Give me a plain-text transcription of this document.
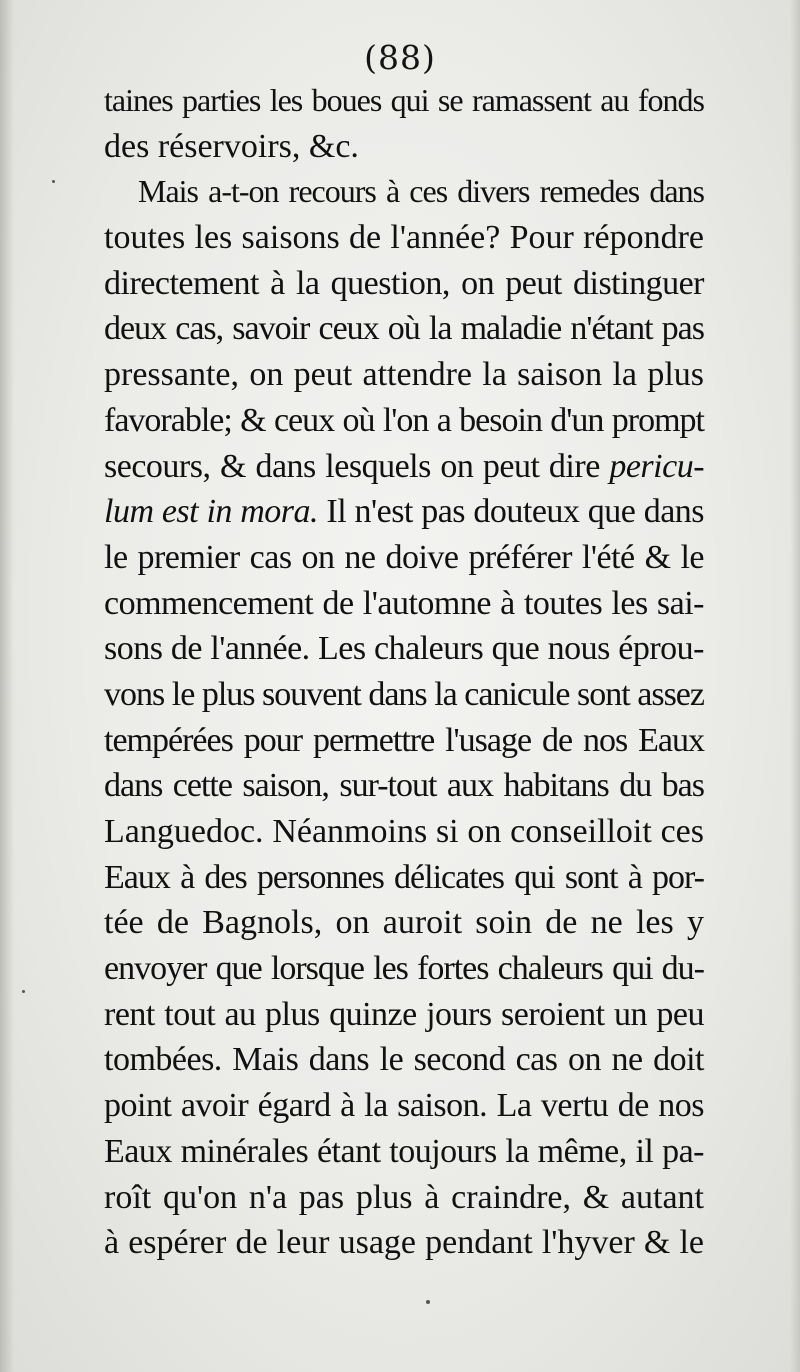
(88)
taines parties les boues qui se ramassent au fonds
des réservoirs, &c.
Mais a-t-on recours à ces divers remedes dans
toutes les saisons de l'année? Pour répondre
directement à la question, on peut distinguer
deux cas, savoir ceux où la maladie n'étant pas
pressante, on peut attendre la saison la plus
favorable; & ceux où l'on a besoin d'un prompt
secours, & dans lesquels on peut dire pericu-
lum est in mora. Il n'est pas douteux que dans
le premier cas on ne doive préférer l'été & le
commencement de l'automne à toutes les sai-
sons de l'année. Les chaleurs que nous éprou-
vons le plus souvent dans la canicule sont assez
tempérées pour permettre l'usage de nos Eaux
dans cette saison, sur-tout aux habitans du bas
Languedoc. Néanmoins si on conseilloit ces
Eaux à des personnes délicates qui sont à por-
tée de Bagnols, on auroit soin de ne les y
envoyer que lorsque les fortes chaleurs qui du-
rent tout au plus quinze jours seroient un peu
tombées. Mais dans le second cas on ne doit
point avoir égard à la saison. La vertu de nos
Eaux minérales étant toujours la même, il pa-
roît qu'on n'a pas plus à craindre, & autant
à espérer de leur usage pendant l'hyver & le
